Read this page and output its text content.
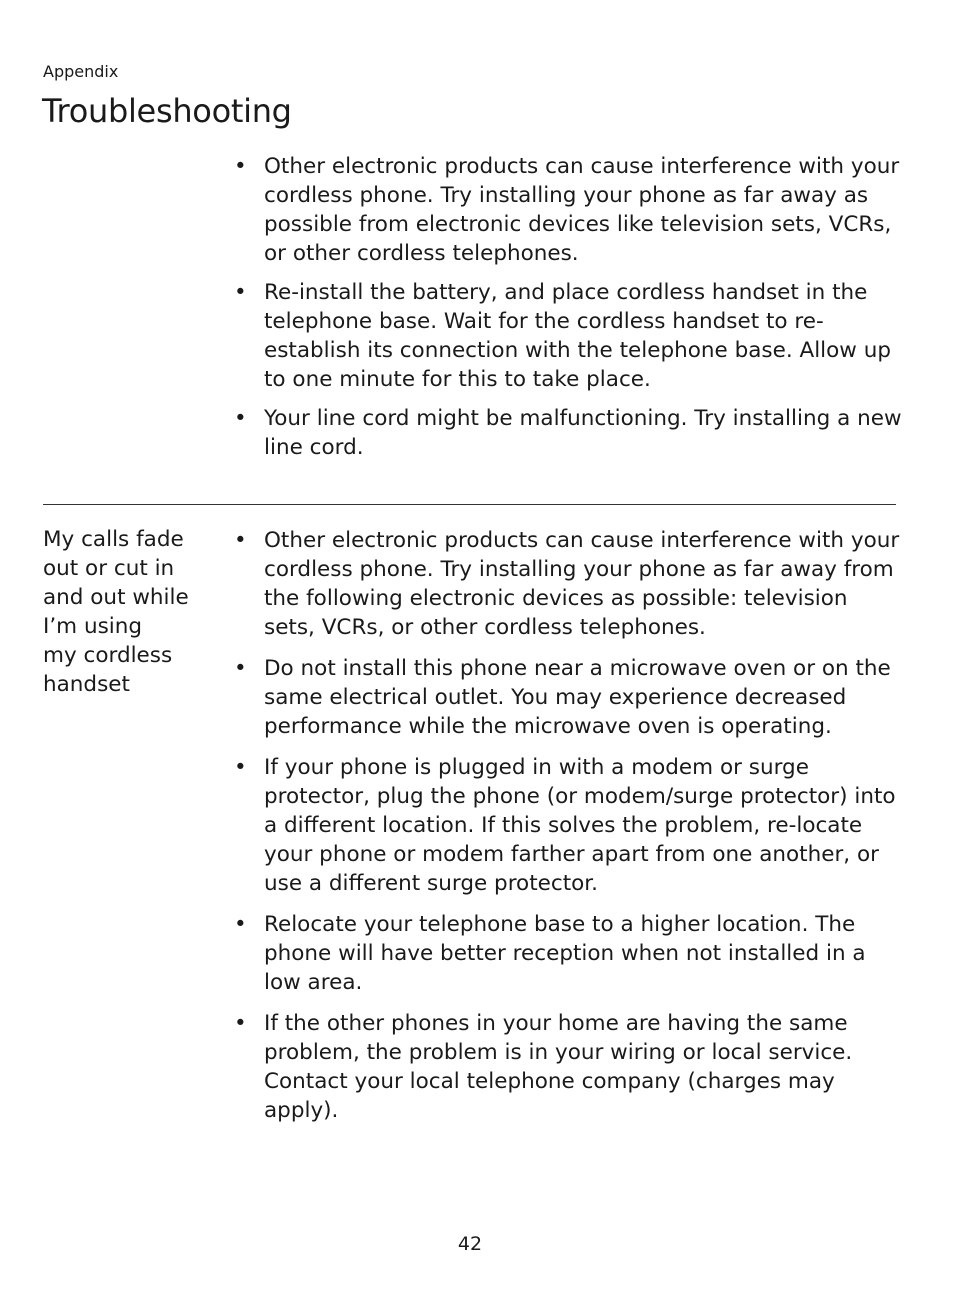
Appendix
Troubleshooting
• Other electronic products can cause interference with your cordless phone. Try installing your phone as far away as possible from electronic devices like television sets, VCRs, or other cordless telephones.
• Re-install the battery, and place cordless handset in the telephone base. Wait for the cordless handset to re-establish its connection with the telephone base. Allow up to one minute for this to take place.
• Your line cord might be malfunctioning. Try installing a new line cord.
My calls fade
out or cut in
and out while
I’m using
my cordless
handset
• Other electronic products can cause interference with your cordless phone. Try installing your phone as far away from the following electronic devices as possible: television sets, VCRs, or other cordless telephones.
• Do not install this phone near a microwave oven or on the same electrical outlet. You may experience decreased performance while the microwave oven is operating.
• If your phone is plugged in with a modem or surge protector, plug the phone (or modem/surge protector) into a different location. If this solves the problem, re-locate your phone or modem farther apart from one another, or use a different surge protector.
• Relocate your telephone base to a higher location. The phone will have better reception when not installed in a low area.
• If the other phones in your home are having the same problem, the problem is in your wiring or local service. Contact your local telephone company (charges may apply).
42
